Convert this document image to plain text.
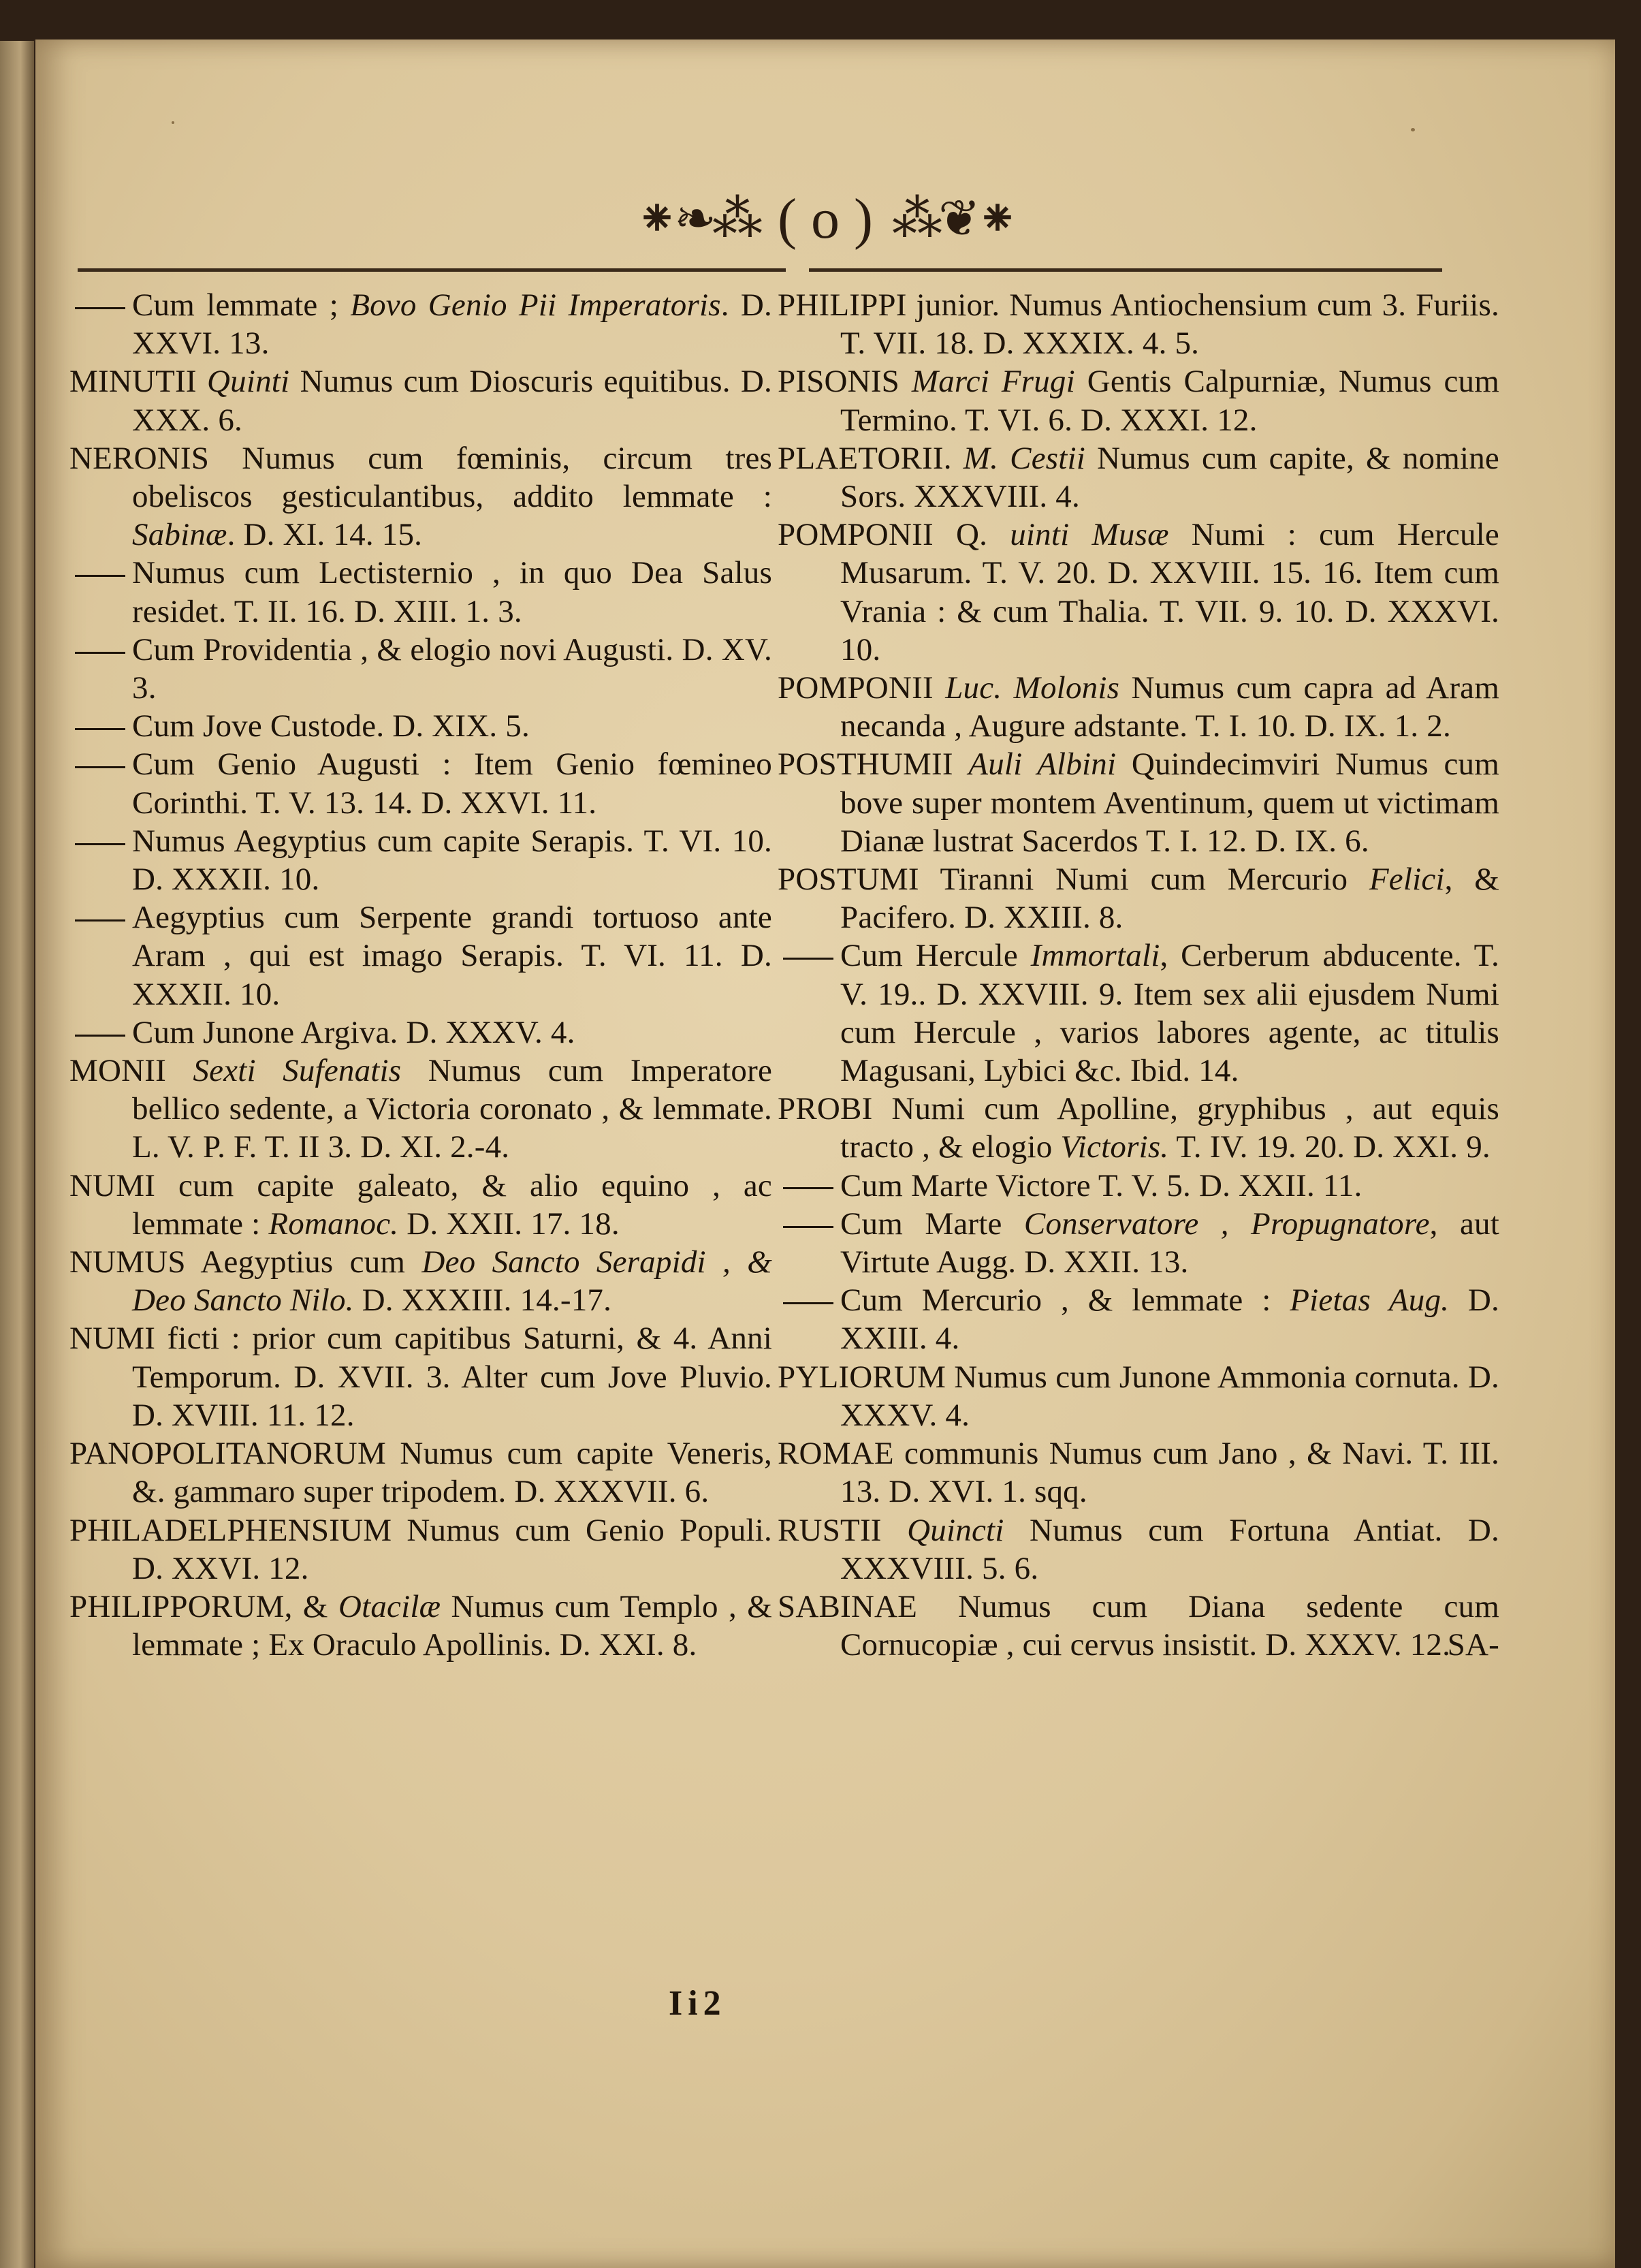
⁕❧⁂ ( o ) ⁂❦⁕

Cum lemmate ; Bovo Genio Pii Imperatoris. D. XXVI. 13.

MINUTII Quinti Numus cum Dioscuris equitibus. D. XXX. 6.

NERONIS Numus cum fœminis, circum tres obeliscos gesticulantibus, addito lemmate : Sabinæ. D. XI. 14. 15.

Numus cum Lectisternio , in quo Dea Salus residet. T. II. 16. D. XIII. 1. 3.

Cum Providentia , & elogio novi Augusti. D. XV. 3.

Cum Jove Custode. D. XIX. 5.

Cum Genio Augusti : Item Genio fœmineo Corinthi. T. V. 13. 14. D. XXVI. 11.

Numus Aegyptius cum capite Serapis. T. VI. 10. D. XXXII. 10.

Aegyptius cum Serpente grandi tortuoso ante Aram , qui est imago Serapis. T. VI. 11. D. XXXII. 10.

Cum Junone Argiva. D. XXXV. 4.

MONII Sexti Sufenatis Numus cum Imperatore bellico sedente, a Victoria coronato , & lemmate. L. V. P. F. T. II 3. D. XI. 2.-4.

NUMI cum capite galeato, & alio equino , ac lemmate : Romanoc. D. XXII. 17. 18.

NUMUS Aegyptius cum Deo Sancto Serapidi , & Deo Sancto Nilo. D. XXXIII. 14.-17.

NUMI ficti : prior cum capitibus Saturni, & 4. Anni Temporum. D. XVII. 3. Alter cum Jove Pluvio. D. XVIII. 11. 12.

PANOPOLITANORUM Numus cum capite Veneris, &. gammaro super tripodem. D. XXXVII. 6.

PHILADELPHENSIUM Numus cum Genio Populi. D. XXVI. 12.

PHILIPPORUM, & Otacilæ Numus cum Templo , & lemmate ; Ex Oraculo Apollinis. D. XXI. 8.

PHILIPPI junior. Numus Antiochensium cum 3. Furiis. T. VII. 18. D. XXXIX. 4. 5.

PISONIS Marci Frugi Gentis Calpurniæ, Numus cum Termino. T. VI. 6. D. XXXI. 12.

PLAETORII. M. Cestii Numus cum capite, & nomine Sors. XXXVIII. 4.

POMPONII Q. uinti Musæ Numi : cum Hercule Musarum. T. V. 20. D. XXVIII. 15. 16. Item cum Vrania : & cum Thalia. T. VII. 9. 10. D. XXXVI. 10.

POMPONII Luc. Molonis Numus cum capra ad Aram necanda , Augure adstante. T. I. 10. D. IX. 1. 2.

POSTHUMII Auli Albini Quindecimviri Numus cum bove super montem Aventinum, quem ut victimam Dianæ lustrat Sacerdos T. I. 12. D. IX. 6.

POSTUMI Tiranni Numi cum Mercurio Felici, & Pacifero. D. XXIII. 8.

Cum Hercule Immortali, Cerberum abducente. T. V. 19.. D. XXVIII. 9. Item sex alii ejusdem Numi cum Hercule , varios labores agente, ac titulis Magusani, Lybici &c. Ibid. 14.

PROBI Numi cum Apolline, gryphibus , aut equis tracto , & elogio Victoris. T. IV. 19. 20. D. XXI. 9.

Cum Marte Victore T. V. 5. D. XXII. 11.

Cum Marte Conservatore , Propugnatore, aut Virtute Augg. D. XXII. 13.

Cum Mercurio , & lemmate : Pietas Aug. D. XXIII. 4.

PYLIORUM Numus cum Junone Ammonia cornuta. D. XXXV. 4.

ROMAE communis Numus cum Jano , & Navi. T. III. 13. D. XVI. 1. sqq.

RUSTII Quincti Numus cum Fortuna Antiat. D. XXXVIII. 5. 6.

SABINAE Numus cum Diana sedente cum Cornucopiæ , cui cervus insistit. D. XXXV. 12.

SA-
Ii2
